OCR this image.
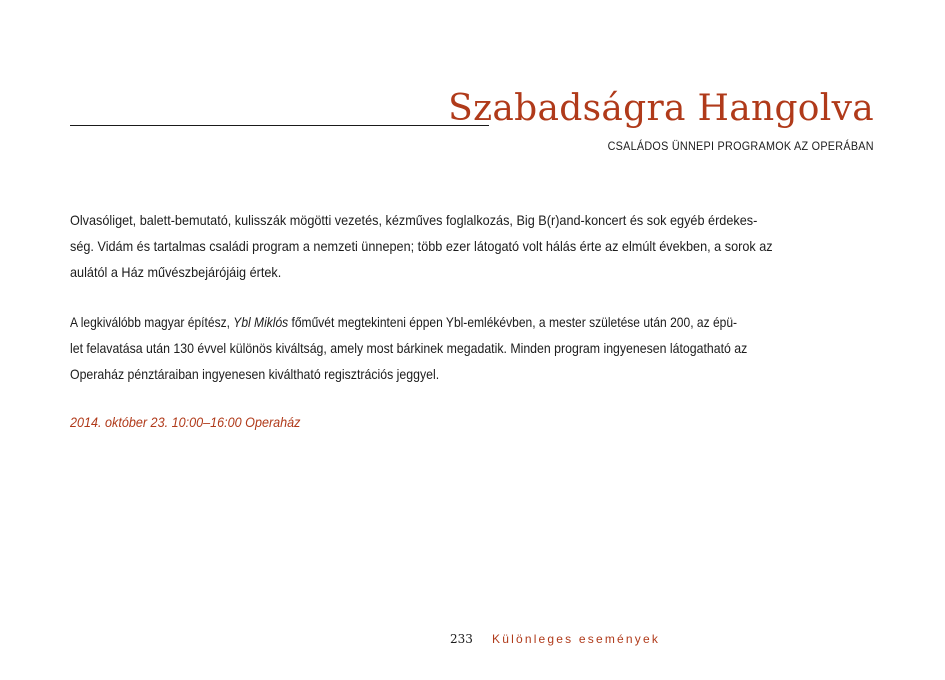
Szabadságra Hangolva
CSALÁDOS ÜNNEPI PROGRAMOK AZ OPERÁBAN

Olvasóliget, balett-bemutató, kulisszák mögötti vezetés, kézműves foglalkozás, Big B(r)and-koncert és sok egyéb érdekes-
ség. Vidám és tartalmas családi program a nemzeti ünnepen; több ezer látogató volt hálás érte az elmúlt években, a sorok az
aulától a Ház művészbejárójáig értek.

A legkiválóbb magyar építész, Ybl Miklós főművét megtekinteni éppen Ybl-emlékévben, a mester születése után 200, az épü-
let felavatása után 130 évvel különös kiváltság, amely most bárkinek megadatik. Minden program ingyenesen látogatható az
Operaház pénztáraiban ingyenesen kiváltható regisztrációs jeggyel.

2014. október 23. 10:00–16:00 Operaház
233 Különleges események
